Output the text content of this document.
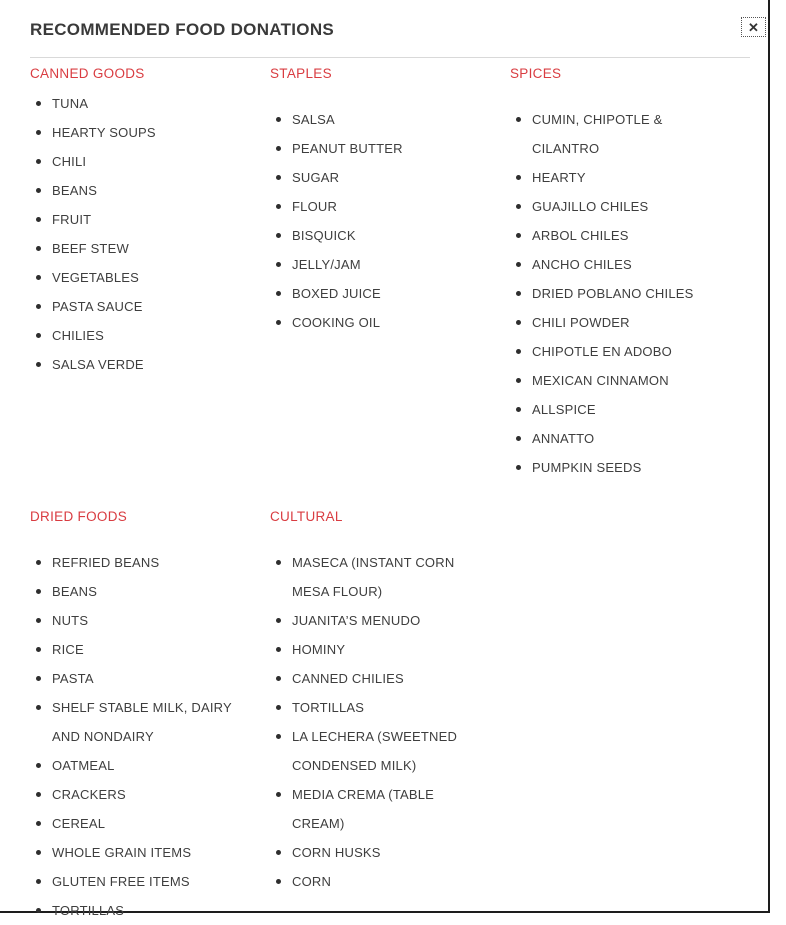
RECOMMENDED FOOD DONATIONS	✕
CANNED GOODS
TUNA
HEARTY SOUPS
CHILI
BEANS
FRUIT
BEEF STEW
VEGETABLES
PASTA SAUCE
CHILIES
SALSA VERDE
STAPLES
SALSA
PEANUT BUTTER
SUGAR
FLOUR
BISQUICK
JELLY/JAM
BOXED JUICE
COOKING OIL
SPICES
CUMIN, CHIPOTLE & CILANTRO
HEARTY
GUAJILLO CHILES
ARBOL CHILES
ANCHO CHILES
DRIED POBLANO CHILES
CHILI POWDER
CHIPOTLE EN ADOBO
MEXICAN CINNAMON
ALLSPICE
ANNATTO
PUMPKIN SEEDS
DRIED FOODS
REFRIED BEANS
BEANS
NUTS
RICE
PASTA
SHELF STABLE MILK, DAIRY AND NONDAIRY
OATMEAL
CRACKERS
CEREAL
WHOLE GRAIN ITEMS
GLUTEN FREE ITEMS
TORTILLAS
CULTURAL
MASECA (INSTANT CORN MESA FLOUR)
JUANITA’S MENUDO
HOMINY
CANNED CHILIES
TORTILLAS
LA LECHERA (SWEETNED CONDENSED MILK)
MEDIA CREMA (TABLE CREAM)
CORN HUSKS
CORN
